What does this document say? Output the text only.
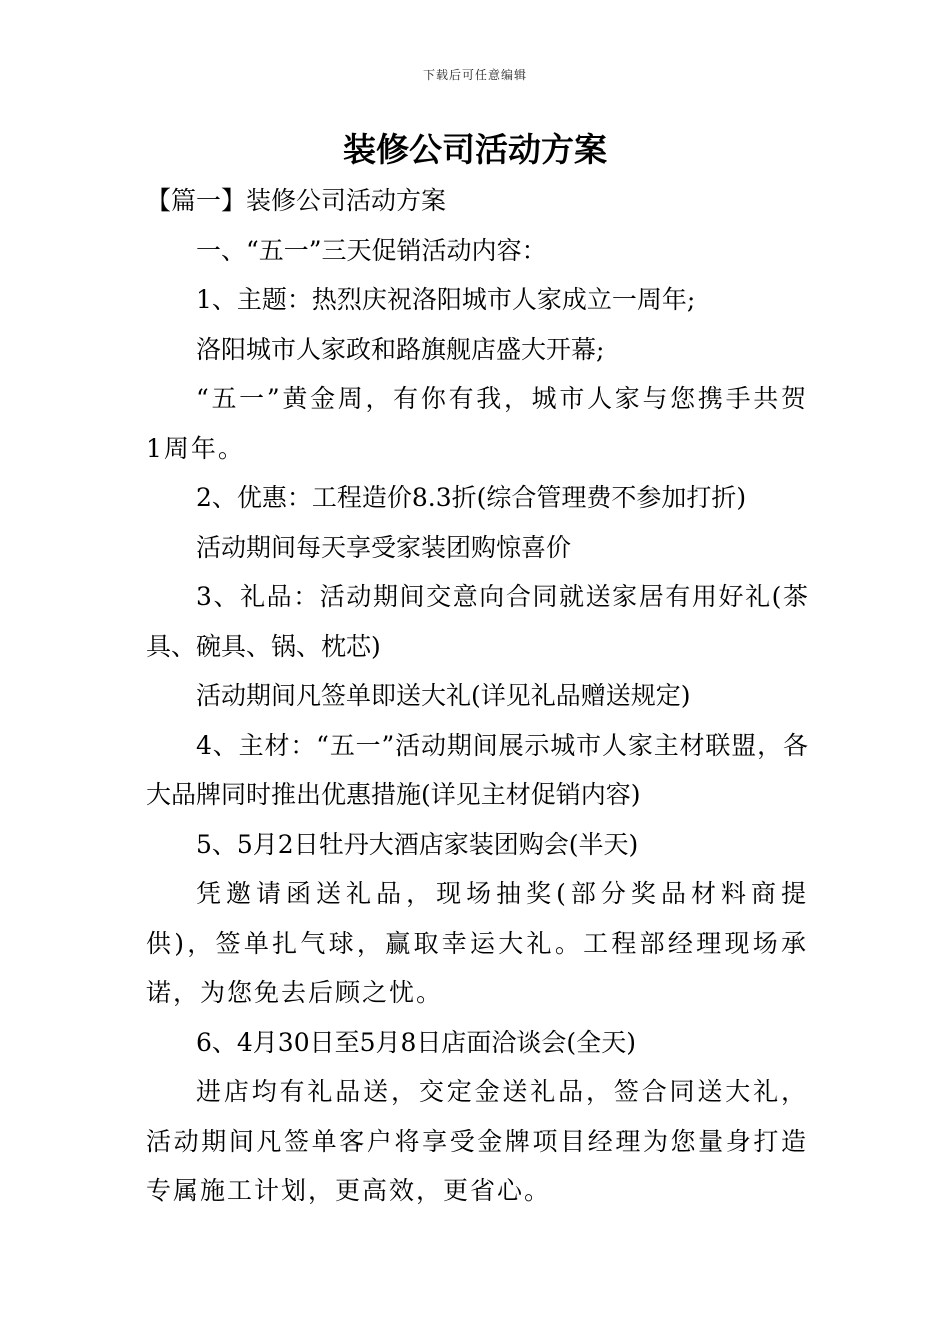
下载后可任意编辑
装修公司活动方案

【篇一】装修公司活动方案

一、“五一”三天促销活动内容：

1、主题：热烈庆祝洛阳城市人家成立一周年;

洛阳城市人家政和路旗舰店盛大开幕;

“五一”黄金周，有你有我，城市人家与您携手共贺1周年。

2、优惠：工程造价8.3折(综合管理费不参加打折)

活动期间每天享受家装团购惊喜价

3、礼品：活动期间交意向合同就送家居有用好礼(茶具、碗具、锅、枕芯)

活动期间凡签单即送大礼(详见礼品赠送规定)

4、主材：“五一”活动期间展示城市人家主材联盟，各大品牌同时推出优惠措施(详见主材促销内容)

5、5月2日牡丹大酒店家装团购会(半天)

凭邀请函送礼品，现场抽奖(部分奖品材料商提供)，签单扎气球，赢取幸运大礼。工程部经理现场承诺，为您免去后顾之忧。

6、4月30日至5月8日店面洽谈会(全天)

进店均有礼品送，交定金送礼品，签合同送大礼，活动期间凡签单客户将享受金牌项目经理为您量身打造专属施工计划，更高效，更省心。
